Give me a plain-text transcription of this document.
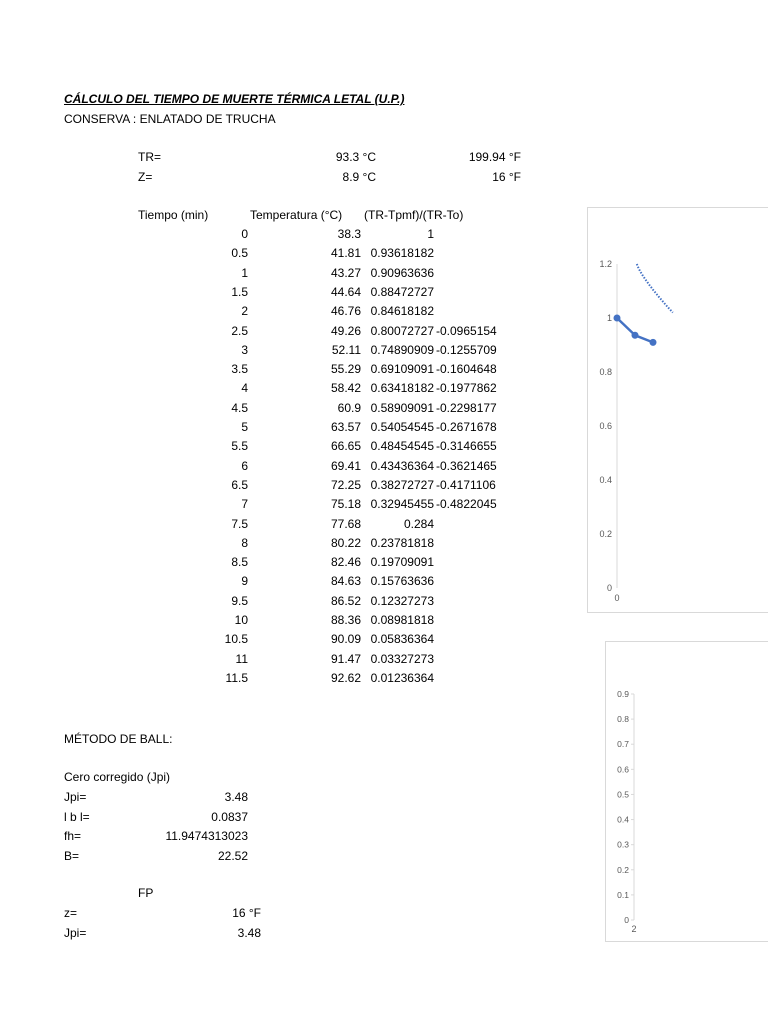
CÁLCULO DEL TIEMPO DE MUERTE TÉRMICA LETAL (U.P.)
CONSERVA : ENLATADO DE TRUCHA
TR=	93.3 °C	199.94 °F
Z=	8.9 °C	16 °F
Tiempo (min)	Temperatura (°C) (TR-Tpmf)/(TR-To)
0	38.3	1
0.5	41.81 0.93618182
1	43.27 0.90963636
1.5	44.64 0.88472727
2	46.76 0.84618182
2.5	49.26 0.80072727 -0.0965154
3	52.11 0.74890909 -0.1255709
3.5	55.29 0.69109091 -0.1604648
4	58.42 0.63418182 -0.1977862
4.5	60.9 0.58909091 -0.2298177
5	63.57 0.54054545 -0.2671678
5.5	66.65 0.48454545 -0.3146655
6	69.41 0.43436364 -0.3621465
6.5	72.25 0.38272727 -0.4171106
7	75.18 0.32945455 -0.4822045
7.5	77.68	0.284
8	80.22 0.23781818
8.5	82.46 0.19709091
9	84.63 0.15763636
9.5	86.52 0.12327273
10	88.36 0.08981818
10.5	90.09 0.05836364
11	91.47 0.03327273
11.5	92.62 0.01236364
MÉTODO DE BALL:
Cero corregido (Jpi)
Jpi=	3.48
l b l=	0.0837
fh=	11.9474313023
B=	22.52
FP
z=	16 °F
Jpi=	3.48
1.2
1
0.8
0.6
0.4
0.2
0
0
0.9
0.8
0.7
0.6
0.5
0.4
0.3
0.2
0.1
0
2
